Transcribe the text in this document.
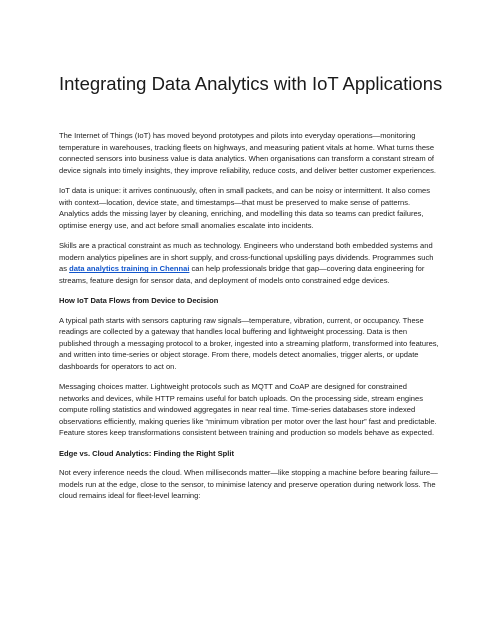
Integrating Data Analytics with IoT Applications

The Internet of Things (IoT) has moved beyond prototypes and pilots into everyday operations—monitoring temperature in warehouses, tracking fleets on highways, and measuring patient vitals at home. What turns these connected sensors into business value is data analytics. When organisations can transform a constant stream of device signals into timely insights, they improve reliability, reduce costs, and deliver better customer experiences.

IoT data is unique: it arrives continuously, often in small packets, and can be noisy or intermittent. It also comes with context—location, device state, and timestamps—that must be preserved to make sense of patterns. Analytics adds the missing layer by cleaning, enriching, and modelling this data so teams can predict failures, optimise energy use, and act before small anomalies escalate into incidents.

Skills are a practical constraint as much as technology. Engineers who understand both embedded systems and modern analytics pipelines are in short supply, and cross-functional upskilling pays dividends. Programmes such as data analytics training in Chennai can help professionals bridge that gap—covering data engineering for streams, feature design for sensor data, and deployment of models onto constrained edge devices.

How IoT Data Flows from Device to Decision

A typical path starts with sensors capturing raw signals—temperature, vibration, current, or occupancy. These readings are collected by a gateway that handles local buffering and lightweight processing. Data is then published through a messaging protocol to a broker, ingested into a streaming platform, transformed into features, and written into time-series or object storage. From there, models detect anomalies, trigger alerts, or update dashboards for operators to act on.

Messaging choices matter. Lightweight protocols such as MQTT and CoAP are designed for constrained networks and devices, while HTTP remains useful for batch uploads. On the processing side, stream engines compute rolling statistics and windowed aggregates in near real time. Time-series databases store indexed observations efficiently, making queries like “minimum vibration per motor over the last hour” fast and predictable. Feature stores keep transformations consistent between training and production so models behave as expected.

Edge vs. Cloud Analytics: Finding the Right Split

Not every inference needs the cloud. When milliseconds matter—like stopping a machine before bearing failure—models run at the edge, close to the sensor, to minimise latency and preserve operation during network loss. The cloud remains ideal for fleet-level learning:
